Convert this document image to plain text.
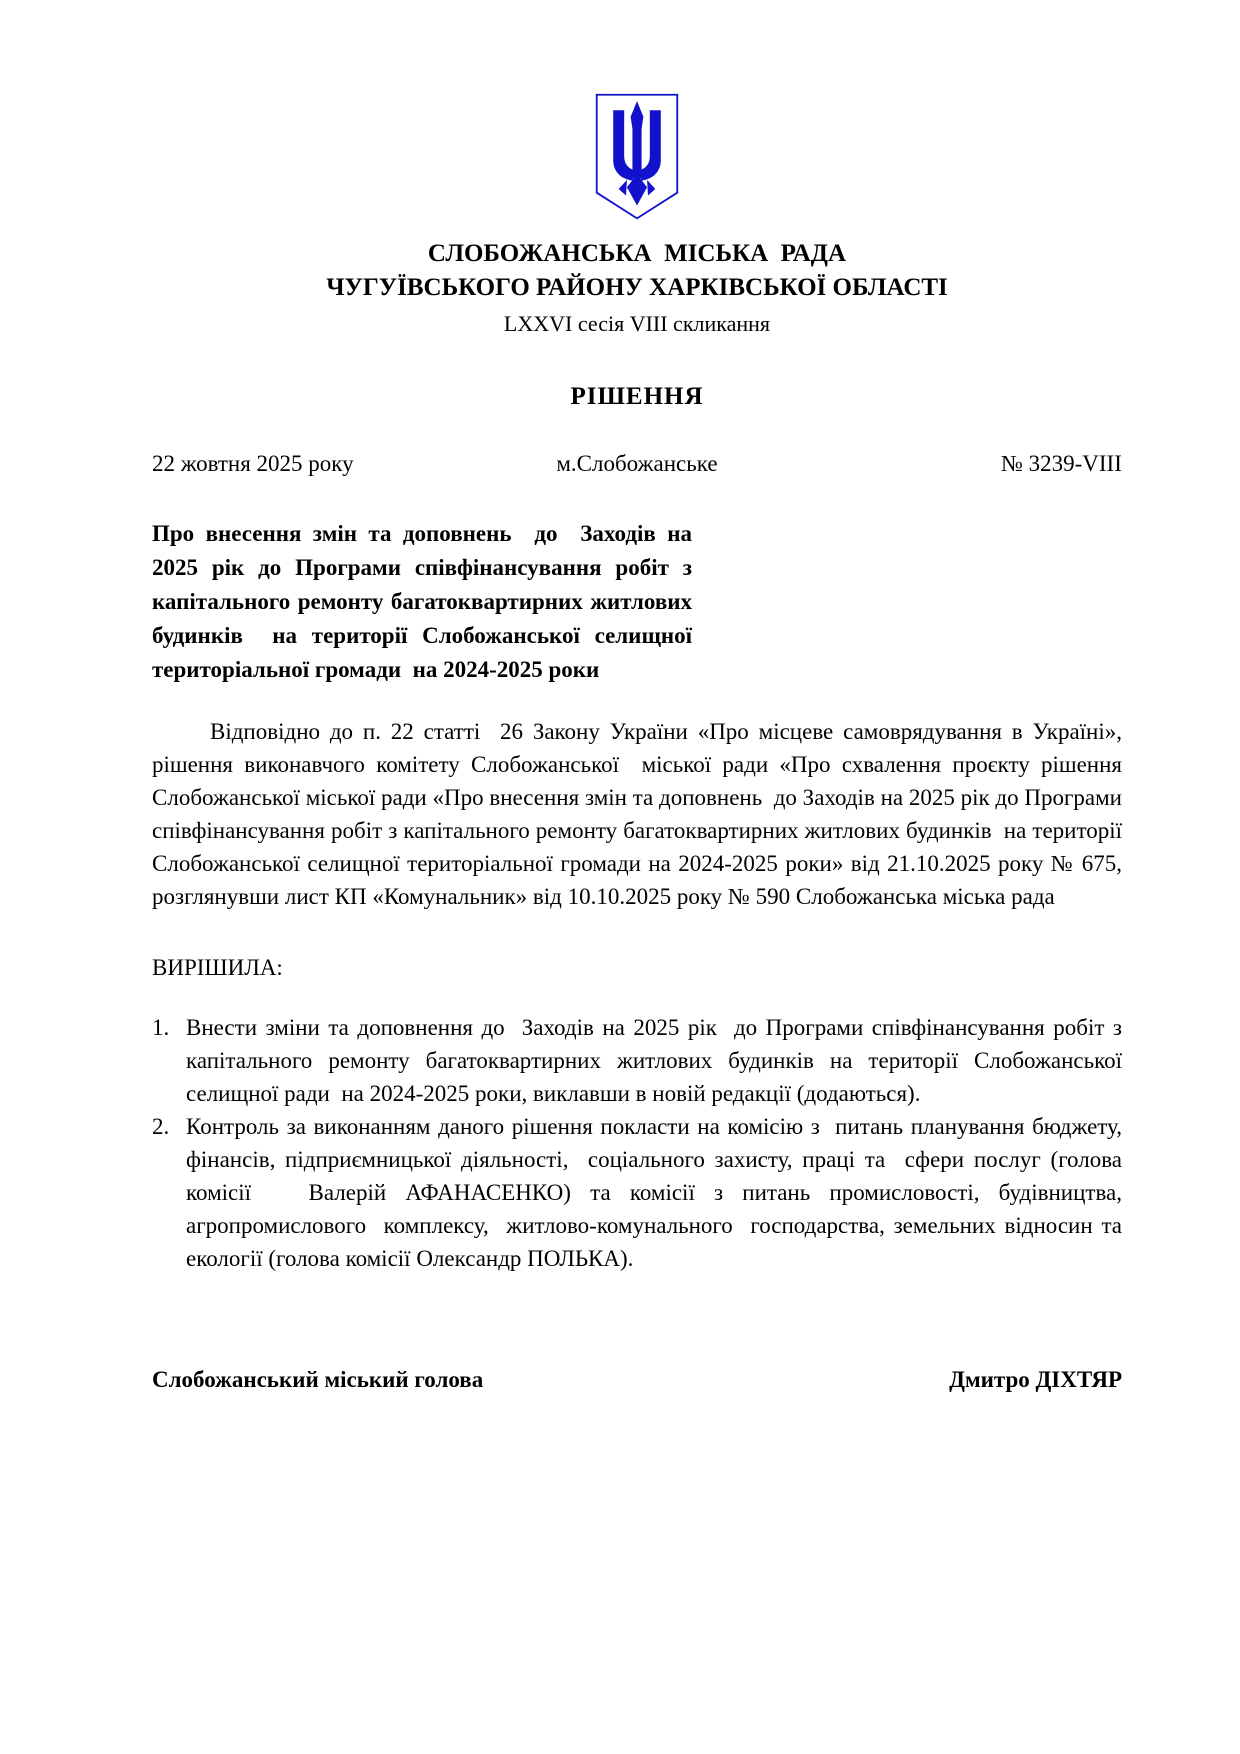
СЛОБОЖАНСЬКА  МІСЬКА  РАДА
ЧУГУЇВСЬКОГО РАЙОНУ ХАРКІВСЬКОЇ ОБЛАСТІ
LXXVI сесія VIII скликання
РІШЕННЯ
22 жовтня 2025 року	м.Слобожанське	№ 3239-VIII
Про внесення змін та доповнень  до  Заходів на 2025 рік до Програми співфінансування робіт з капітального ремонту багатоквартирних житлових будинків  на території Слобожанської селищної територіальної громади  на 2024-2025 роки
Відповідно до п. 22 статті  26 Закону України «Про місцеве самоврядування в Україні», рішення виконавчого комітету Слобожанської  міської ради «Про схвалення проєкту рішення Слобожанської міської ради «Про внесення змін та доповнень  до Заходів на 2025 рік до Програми співфінансування робіт з капітального ремонту багатоквартирних житлових будинків  на території Слобожанської селищної територіальної громади на 2024-2025 роки» від 21.10.2025 року № 675, розглянувши лист КП «Комунальник» від 10.10.2025 року № 590 Слобожанська міська рада
ВИРІШИЛА:
1. Внести зміни та доповнення до  Заходів на 2025 рік  до Програми співфінансування робіт з капітального ремонту багатоквартирних житлових будинків на території Слобожанської селищної ради  на 2024-2025 роки, виклавши в новій редакції (додаються).
2. Контроль за виконанням даного рішення покласти на комісію з  питань планування бюджету, фінансів, підприємницької діяльності,  соціального захисту, праці та  сфери послуг (голова комісії   Валерій АФАНАСЕНКО) та комісії з питань промисловості, будівництва,  агропромислового  комплексу,  житлово-комунального  господарства, земельних відносин та екології (голова комісії Олександр ПОЛЬКА).
Слобожанський міський голова	Дмитро ДІХТЯР
